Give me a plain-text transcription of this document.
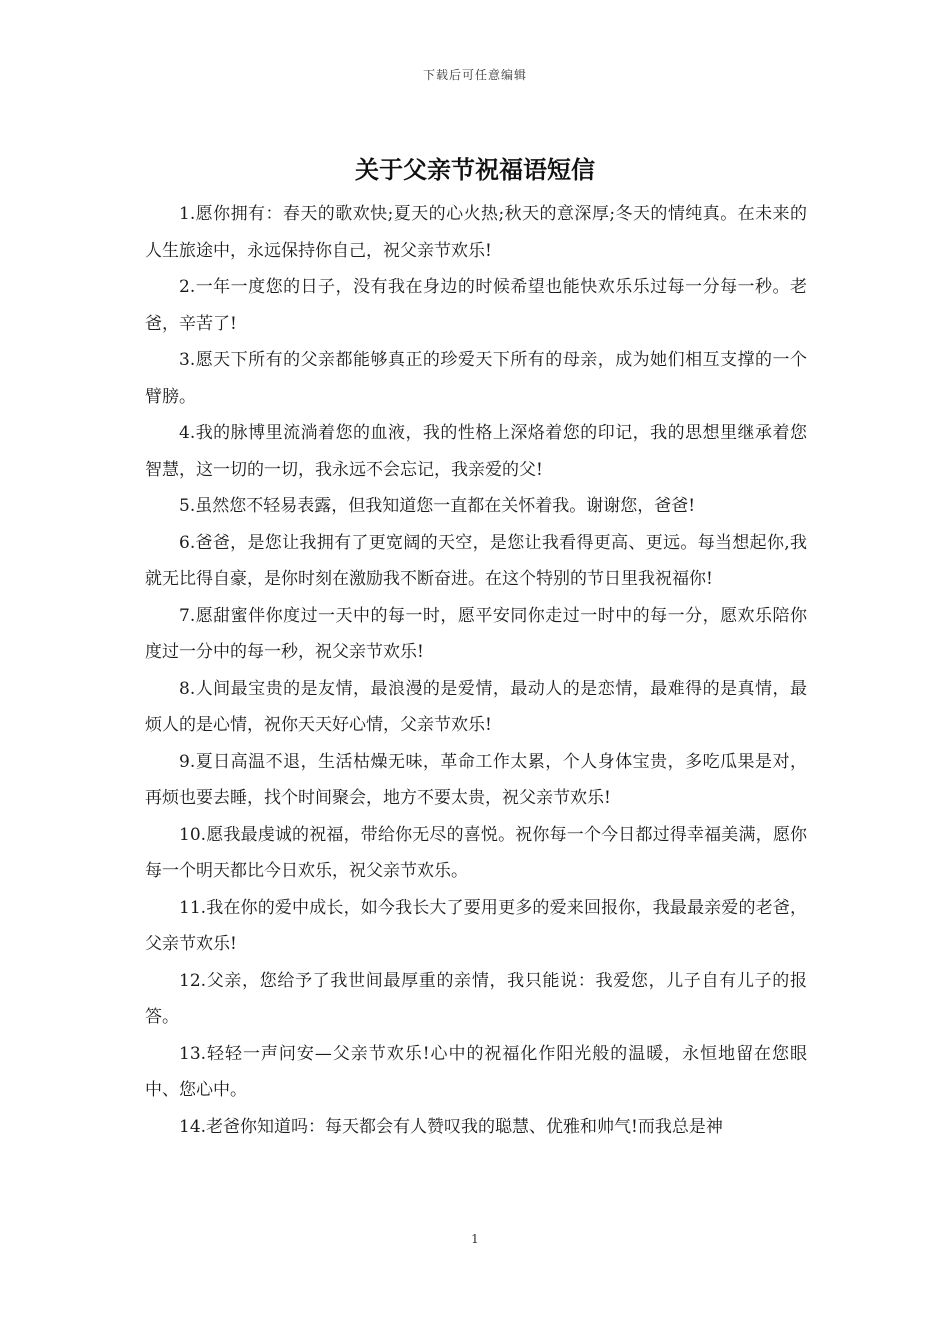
下载后可任意编辑
关于父亲节祝福语短信

1.愿你拥有：春天的歌欢快;夏天的心火热;秋天的意深厚;冬天的情纯真。在未来的人生旅途中，永远保持你自己，祝父亲节欢乐!

2.一年一度您的日子，没有我在身边的时候希望也能快欢乐乐过每一分每一秒。老爸，辛苦了!

3.愿天下所有的父亲都能够真正的珍爱天下所有的母亲，成为她们相互支撑的一个臂膀。

4.我的脉博里流淌着您的血液，我的性格上深烙着您的印记，我的思想里继承着您智慧，这一切的一切，我永远不会忘记，我亲爱的父!

5.虽然您不轻易表露，但我知道您一直都在关怀着我。谢谢您，爸爸!

6.爸爸，是您让我拥有了更宽阔的天空，是您让我看得更高、更远。每当想起你,我就无比得自豪，是你时刻在激励我不断奋进。在这个特别的节日里我祝福你!

7.愿甜蜜伴你度过一天中的每一时，愿平安同你走过一时中的每一分，愿欢乐陪你度过一分中的每一秒，祝父亲节欢乐!

8.人间最宝贵的是友情，最浪漫的是爱情，最动人的是恋情，最难得的是真情，最烦人的是心情，祝你天天好心情，父亲节欢乐!

9.夏日高温不退，生活枯燥无味，革命工作太累，个人身体宝贵，多吃瓜果是对，再烦也要去睡，找个时间聚会，地方不要太贵，祝父亲节欢乐!

10.愿我最虔诚的祝福，带给你无尽的喜悦。祝你每一个今日都过得幸福美满，愿你每一个明天都比今日欢乐，祝父亲节欢乐。

11.我在你的爱中成长，如今我长大了要用更多的爱来回报你，我最最亲爱的老爸，父亲节欢乐!

12.父亲，您给予了我世间最厚重的亲情，我只能说：我爱您，儿子自有儿子的报答。

13.轻轻一声问安—父亲节欢乐!心中的祝福化作阳光般的温暖，永恒地留在您眼中、您心中。

14.老爸你知道吗：每天都会有人赞叹我的聪慧、优雅和帅气!而我总是神

1
